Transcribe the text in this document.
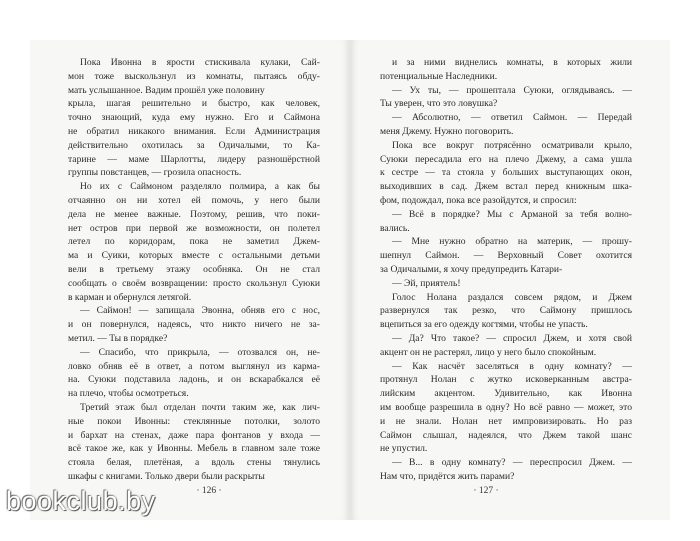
Пока Ивонна в ярости стискивала кулаки, Сай-
мон тоже выскользнул из комнаты, пытаясь обду-
мать услышанное. Вадим прошёл уже половину
крыла, шагая решительно и быстро, как человек,
точно знающий, куда ему нужно. Его и Саймона
не обратил никакого внимания. Если Администрация
действительно охотилась за Одичалыми, то Ка-
тарине — маме Шарлотты, лидеру разношёрстной
группы повстанцев, — грозила опасность.
Но их с Саймоном разделяло полмира, а как бы
отчаянно он ни хотел ей помочь, у него были
дела не менее важные. Поэтому, решив, что поки-
нет остров при первой же возможности, он полетел
летел по коридорам, пока не заметил Джем-
ма и Суики, которых вместе с остальными детьми
вели в третьему этажу особняка. Он не стал
сообщать о своём возвращении: просто скользнул Суюки
в карман и обернулся летягой.
— Саймон! — запищала Эвонна, обняв его с нос,
и он повернулся, надеясь, что никто ничего не за-
метил. — Ты в порядке?
— Спасибо, что прикрыла, — отозвался он, не-
ловко обняв её в ответ, а потом выглянул из карма-
на. Суюки подставила ладонь, и он вскарабкался её
на плечо, чтобы осмотреться.
Третий этаж был отделан почти таким же, как лич-
ные покои Ивонны: стеклянные потолки, золото
и бархат на стенах, даже пара фонтанов у входа —
всё такое же, как у Ивонны. Мебель в главном зале тоже
стояла белая, плетёная, а вдоль стены тянулись
шкафы с книгами. Только двери были раскрыты
· 126 ·
и за ними виднелись комнаты, в которых жили
потенциальные Наследники.
— Ух ты, — прошептала Суюки, оглядываясь. —
Ты уверен, что это ловушка?
— Абсолютно, — ответил Саймон. — Передай
меня Джему. Нужно поговорить.
Пока все вокруг потрясённо осматривали крыло,
Суюки пересадила его на плечо Джему, а сама ушла
к сестре — та стояла у больших выступающих окон,
выходивших в сад. Джем встал перед книжным шка-
фом, подождал, пока все разойдутся, и спросил:
— Всё в порядке? Мы с Арманой за тебя волно-
вались.
— Мне нужно обратно на материк, — прошу-
шепнул Саймон. — Верховный Совет охотится
за Одичалыми, я хочу предупредить Катари-
— Эй, приятель!
Голос Нолана раздался совсем рядом, и Джем
развернулся так резко, что Саймону пришлось
вцепиться за его одежду когтями, чтобы не упасть.
— Да? Что такое? — спросил Джем, и хотя свой
акцент он не растерял, лицо у него было спокойным.
— Как насчёт заселяться в одну комнату? —
протянул Нолан с жутко исковерканным австра-
лийским акцентом. Удивительно, как Ивонна
им вообще разрешила в одну? Но всё равно — может, это
и не знали. Нолан нет импровизировать. Но раз
Саймон слышал, надеялся, что Джем такой шанс
не упустил.
— В... в одну комнату? — переспросил Джем. —
Нам что, придётся жить парами?
· 127 ·
bookclub.by
